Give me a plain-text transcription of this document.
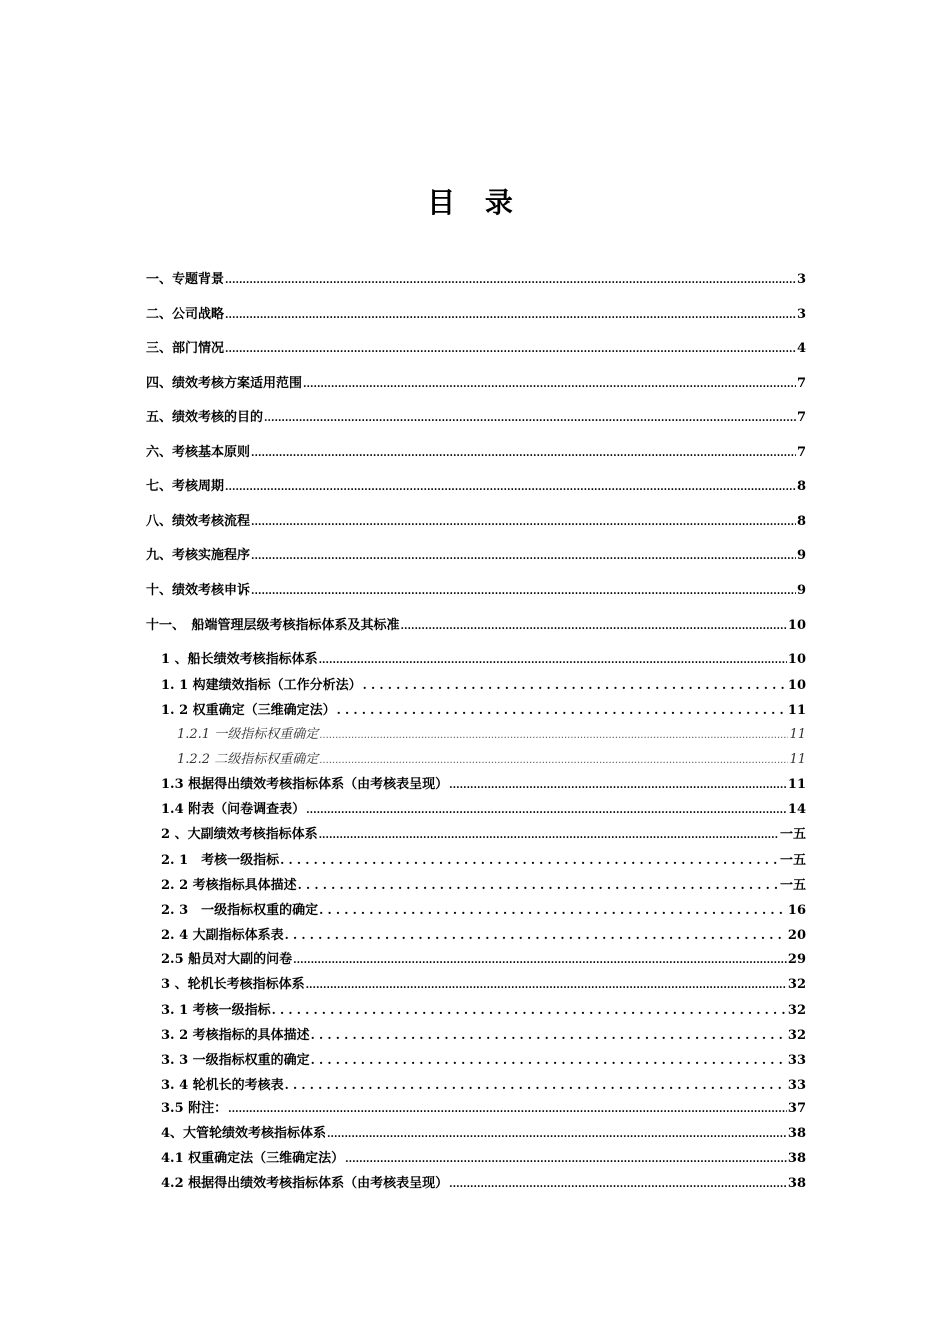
目 录
一、专题背景 .....	3
二、公司战略 .....	3
三、部门情况 .....	4
四、绩效考核方案适用范围 .....	7
五、绩效考核的目的 .....	7
六、考核基本原则 .....	7
七、考核周期 .....	8
八、绩效考核流程 .....	8
九、考核实施程序 .....	9
十、绩效考核申诉 .....	9
十一、　船端管理层级考核指标体系及其标准 .....	10
1 、船长绩效考核指标体系 .....	10
1. 1 构建绩效指标（工作分析法） . . .	10
1. 2 权重确定（三维确定法） . . .	11
1.2.1 一级指标权重确定 .....	11
1.2.2 二级指标权重确定 .....	11
1.3 根据得出绩效考核指标体系（由考核表呈现） .....	11
1.4 附表（问卷调查表） .....	14
2 、大副绩效考核指标体系 .....	一五
2. 1　考核一级指标 . . .	一五
2. 2 考核指标具体描述 . . .	一五
2. 3　一级指标权重的确定 . . .	16
2. 4 大副指标体系表 . . .	20
2.5 船员对大副的问卷 .....	29
3 、轮机长考核指标体系 .....	32
3. 1 考核一级指标 . . .	32
3. 2 考核指标的具体描述 . . .	32
3. 3 一级指标权重的确定 . . .	33
3. 4 轮机长的考核表 . . .	33
3.5 附注： .....	37
4、大管轮绩效考核指标体系 .....	38
4.1 权重确定法（三维确定法） .....	38
4.2 根据得出绩效考核指标体系（由考核表呈现） .....	38
